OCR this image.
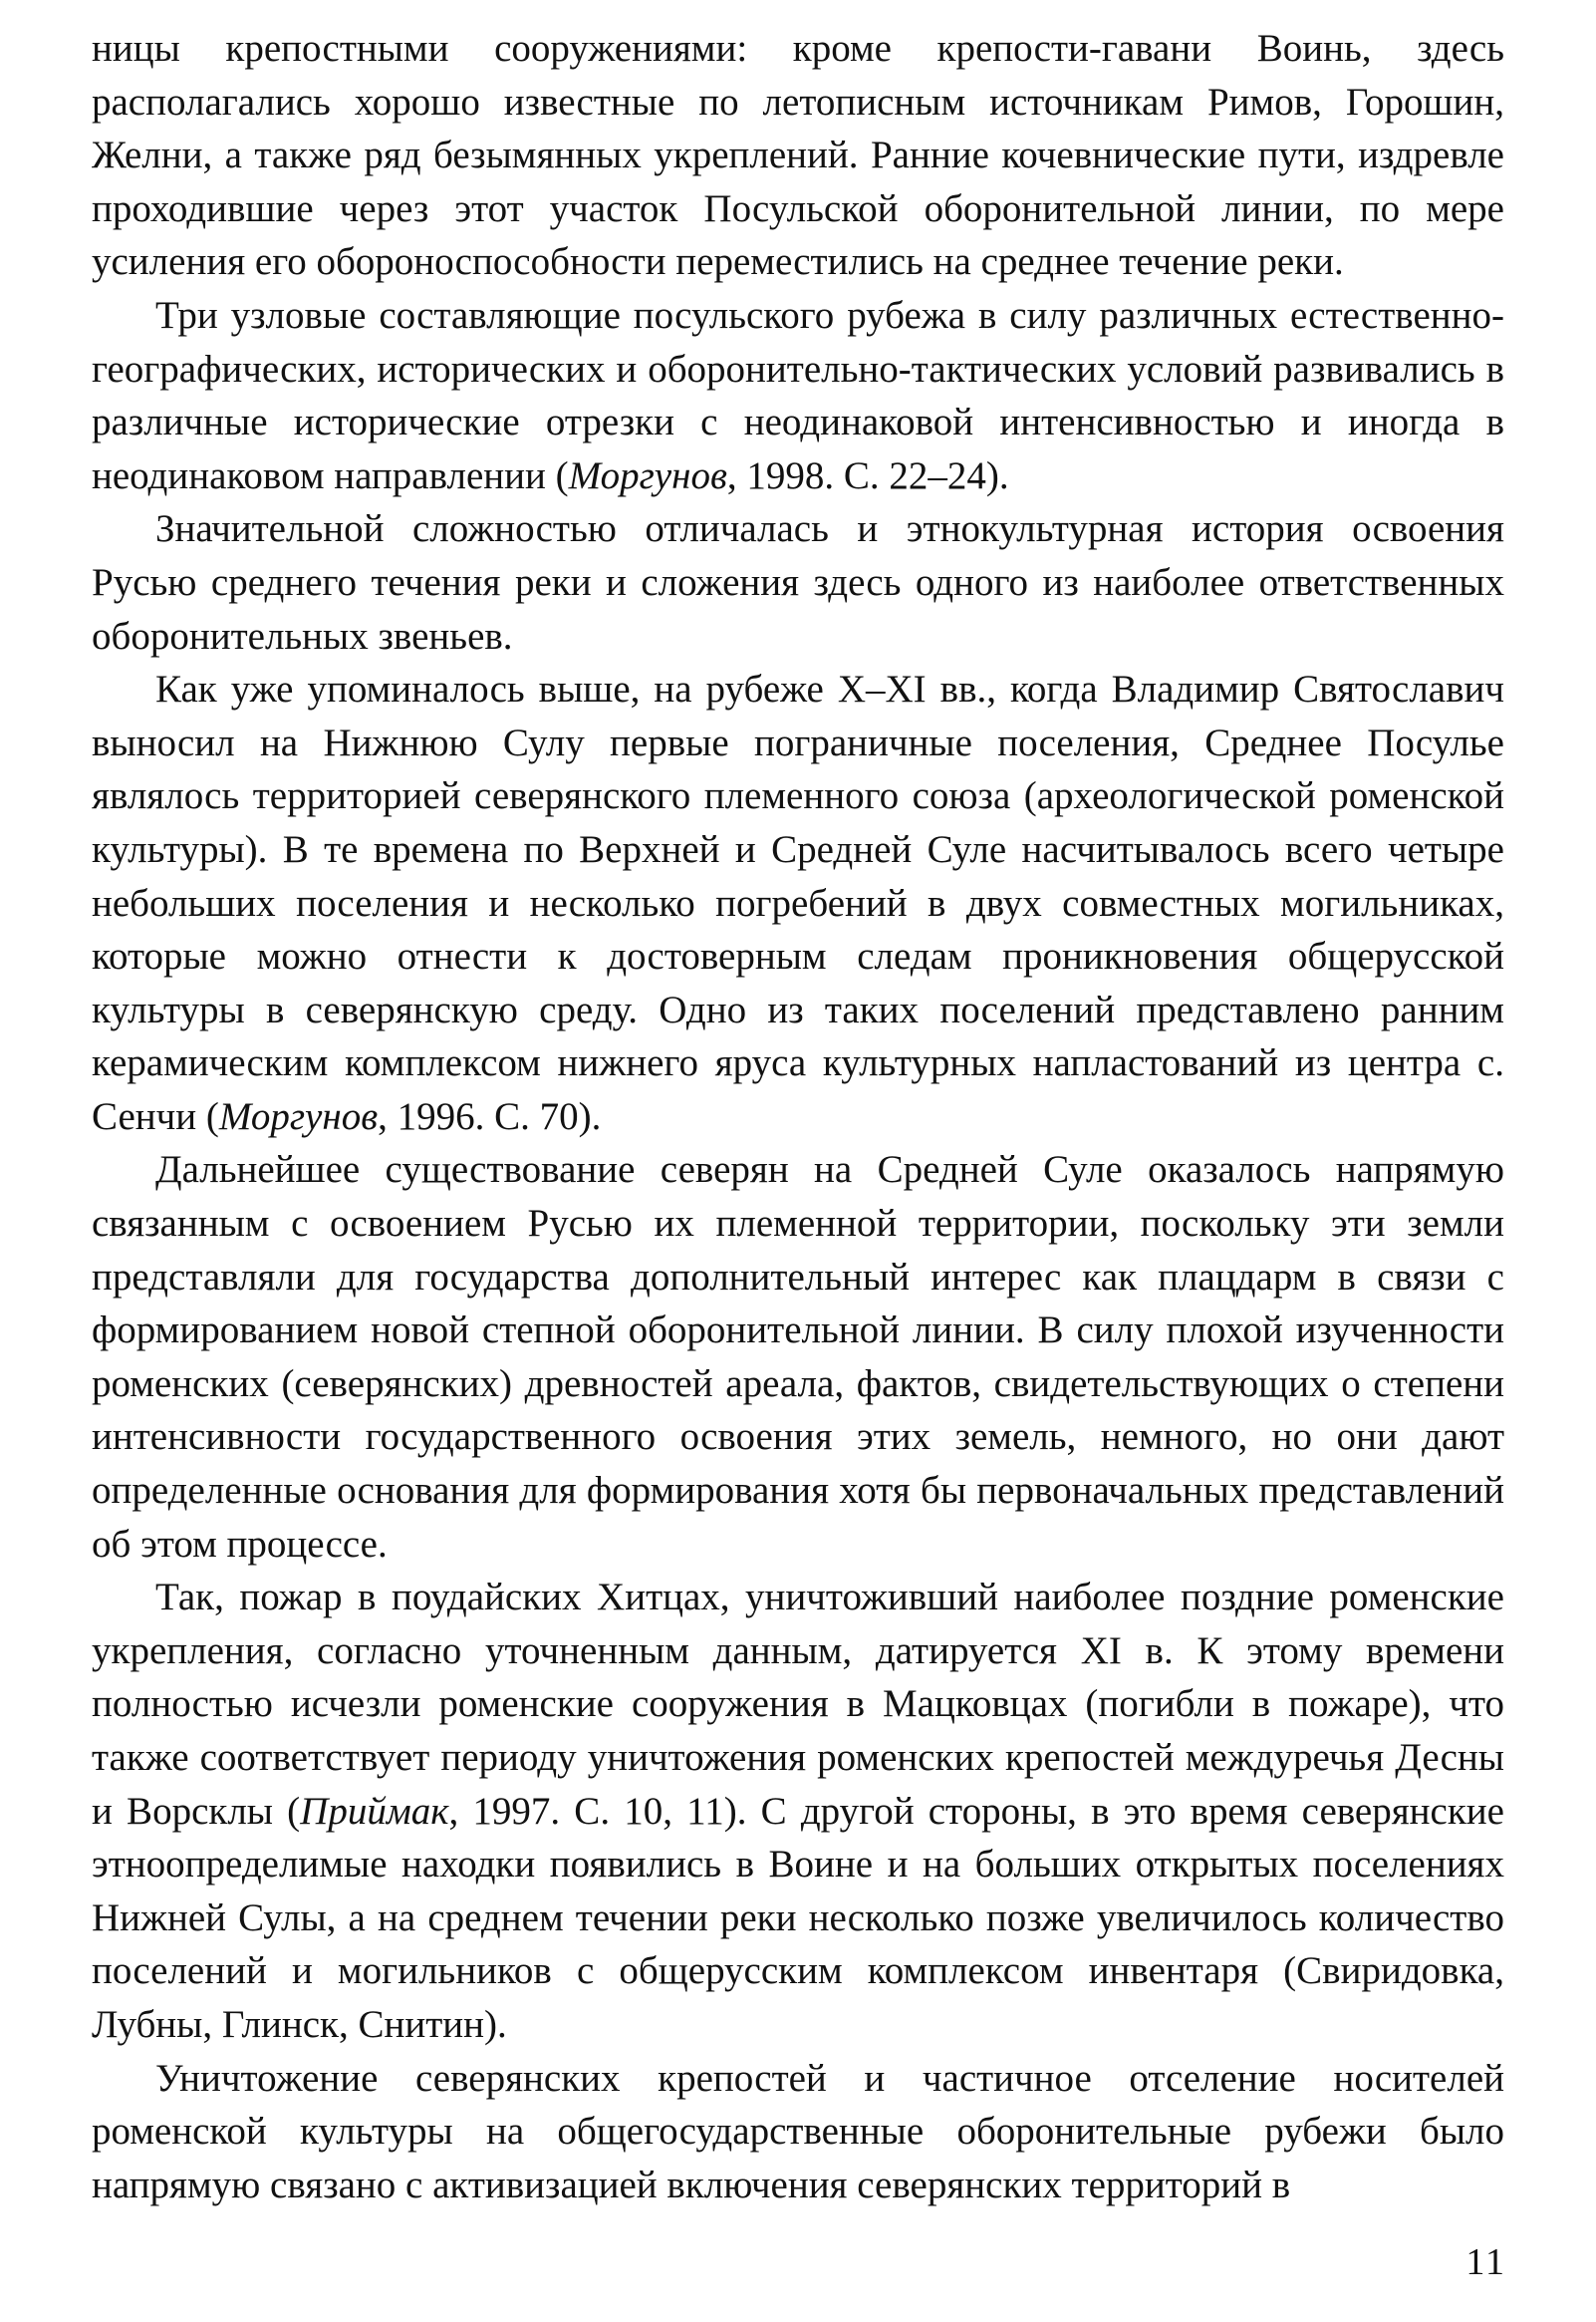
ницы крепостными сооружениями: кроме крепости-гавани Воинь, здесь располагались хорошо известные по летописным источникам Римов, Горошин, Желни, а также ряд безымянных укреплений. Ранние кочевнические пути, издревле проходившие через этот участок Посульской оборонительной линии, по мере усиления его обороноспособности переместились на среднее течение реки.

Три узловые составляющие посульского рубежа в силу различных естественно-географических, исторических и оборонительно-тактических условий развивались в различные исторические отрезки с неодинаковой интенсивностью и иногда в неодинаковом направлении (Моргунов, 1998. С. 22–24).

Значительной сложностью отличалась и этнокультурная история освоения Русью среднего течения реки и сложения здесь одного из наиболее ответственных оборонительных звеньев.

Как уже упоминалось выше, на рубеже X–XI вв., когда Владимир Святославич выносил на Нижнюю Сулу первые пограничные поселения, Среднее Посулье являлось территорией северянского племенного союза (археологической роменской культуры). В те времена по Верхней и Средней Суле насчитывалось всего четыре небольших поселения и несколько погребений в двух совместных могильниках, которые можно отнести к достоверным следам проникновения общерусской культуры в северянскую среду. Одно из таких поселений представлено ранним керамическим комплексом нижнего яруса культурных напластований из центра с. Сенчи (Моргунов, 1996. С. 70).

Дальнейшее существование северян на Средней Суле оказалось напрямую связанным с освоением Русью их племенной территории, поскольку эти земли представляли для государства дополнительный интерес как плацдарм в связи с формированием новой степной оборонительной линии. В силу плохой изученности роменских (северянских) древностей ареала, фактов, свидетельствующих о степени интенсивности государственного освоения этих земель, немного, но они дают определенные основания для формирования хотя бы первоначальных представлений об этом процессе.

Так, пожар в поудайских Хитцах, уничтоживший наиболее поздние роменские укрепления, согласно уточненным данным, датируется XI в. К этому времени полностью исчезли роменские сооружения в Мацковцах (погибли в пожаре), что также соответствует периоду уничтожения роменских крепостей междуречья Десны и Ворсклы (Приймак, 1997. С. 10, 11). С другой стороны, в это время северянские этноопределимые находки появились в Воине и на больших открытых поселениях Нижней Сулы, а на среднем течении реки несколько позже увеличилось количество поселений и могильников с общерусским комплексом инвентаря (Свиридовка, Лубны, Глинск, Снитин).

Уничтожение северянских крепостей и частичное отселение носителей роменской культуры на общегосударственные оборонительные рубежи было напрямую связано с активизацией включения северянских территорий в

11
